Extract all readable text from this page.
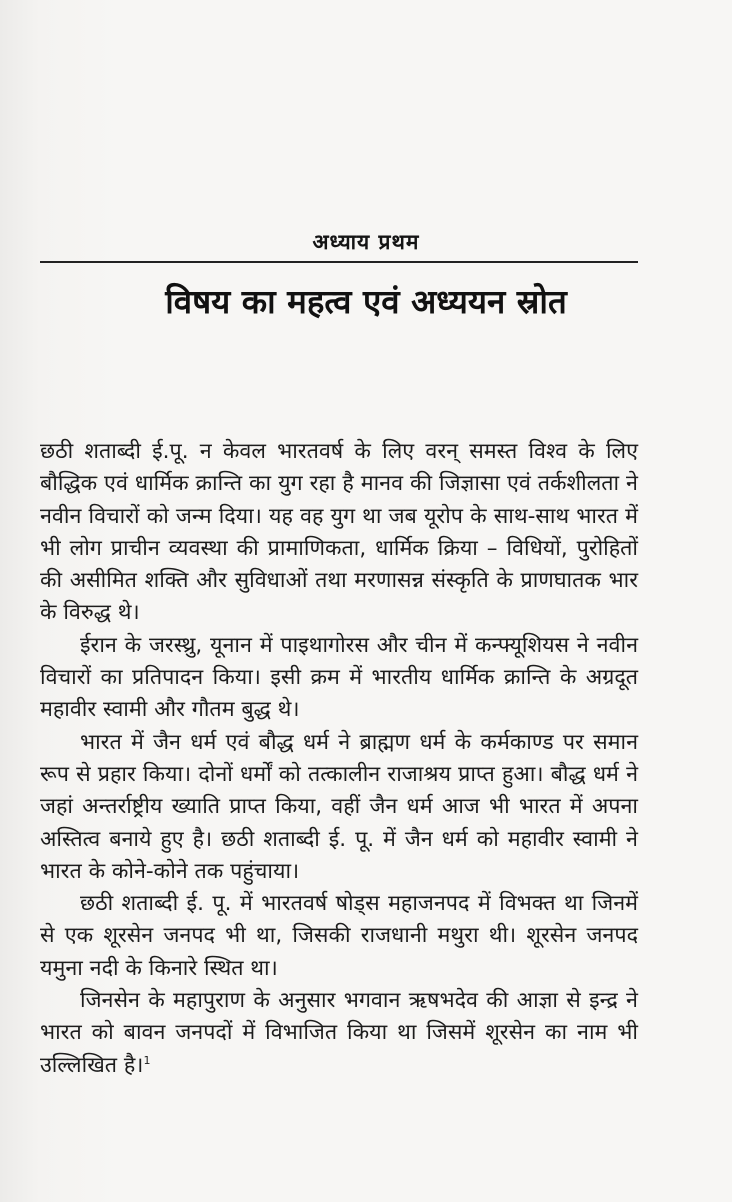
अध्याय प्रथम
विषय का महत्व एवं अध्ययन स्रोत

छठी शताब्दी ई.पू. न केवल भारतवर्ष के लिए वरन् समस्त विश्व के लिए बौद्धिक एवं धार्मिक क्रान्ति का युग रहा है मानव की जिज्ञासा एवं तर्कशीलता ने नवीन विचारों को जन्म दिया। यह वह युग था जब यूरोप के साथ-साथ भारत में भी लोग प्राचीन व्यवस्था की प्रामाणिकता, धार्मिक क्रिया – विधियों, पुरोहितों की असीमित शक्ति और सुविधाओं तथा मरणासन्न संस्कृति के प्राणघातक भार के विरुद्ध थे।

ईरान के जरस्थ्रु, यूनान में पाइथागोरस और चीन में कन्फ्यूशियस ने नवीन विचारों का प्रतिपादन किया। इसी क्रम में भारतीय धार्मिक क्रान्ति के अग्रदूत महावीर स्वामी और गौतम बुद्ध थे।

भारत में जैन धर्म एवं बौद्ध धर्म ने ब्राह्मण धर्म के कर्मकाण्ड पर समान रूप से प्रहार किया। दोनों धर्मों को तत्कालीन राजाश्रय प्राप्त हुआ। बौद्ध धर्म ने जहां अन्तर्राष्ट्रीय ख्याति प्राप्त किया, वहीं जैन धर्म आज भी भारत में अपना अस्तित्व बनाये हुए है। छठी शताब्दी ई. पू. में जैन धर्म को महावीर स्वामी ने भारत के कोने-कोने तक पहुंचाया।

छठी शताब्दी ई. पू. में भारतवर्ष षोड्स महाजनपद में विभक्त था जिनमें से एक शूरसेन जनपद भी था, जिसकी राजधानी मथुरा थी। शूरसेन जनपद यमुना नदी के किनारे स्थित था।

जिनसेन के महापुराण के अनुसार भगवान ऋषभदेव की आज्ञा से इन्द्र ने भारत को बावन जनपदों में विभाजित किया था जिसमें शूरसेन का नाम भी उल्लिखित है।$^1$
